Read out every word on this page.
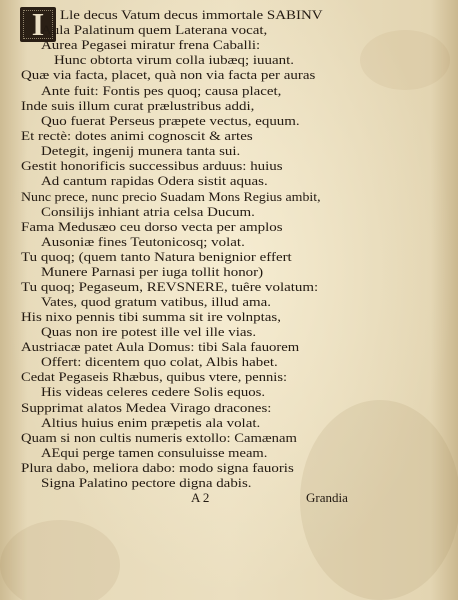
I	Lle decus Vatum decus immortale SABINV
Aula Palatinum quem Laterana vocat,
Aurea Pegasei miratur frena Caballi:
Hunc obtorta virum colla iubæq; iuuant.
Quæ via facta, placet, quà non via facta per auras
Ante fuit: Fontis pes quoq; causa placet,
Inde suis illum curat prælustribus addi,
Quo fuerat Perseus præpete vectus, equum.
Et rectè: dotes animi cognoscit & artes
Detegit, ingenij munera tanta sui.
Gestit honorificis successibus arduus: huius
Ad cantum rapidas Odera sistit aquas.
Nunc prece, nunc precio Suadam Mons Regius ambit,
Consilijs inhiant atria celsa Ducum.
Fama Medusæo ceu dorso vecta per amplos
Ausoniæ fines Teutonicosq; volat.
Tu quoq; (quem tanto Natura benignior effert
Munere Parnasi per iuga tollit honor)
Tu quoq; Pegaseum, REVSNERE, tuêre volatum:
Vates, quod gratum vatibus, illud ama.
His nixo pennis tibi summa sit ire volnptas,
Quas non ire potest ille vel ille vias.
Austriacæ patet Aula Domus: tibi Sala fauorem
Offert: dicentem quo colat, Albis habet.
Cedat Pegaseis Rhæbus, quibus vtere, pennis:
His videas celeres cedere Solis equos.
Supprimat alatos Medea Virago dracones:
Altius huius enim præpetis ala volat.
Quam si non cultis numeris extollo: Camænam
AEqui perge tamen consuluisse meam.
Plura dabo, meliora dabo: modo signa fauoris
Signa Palatino pectore digna dabis.
A 2	Grandia
